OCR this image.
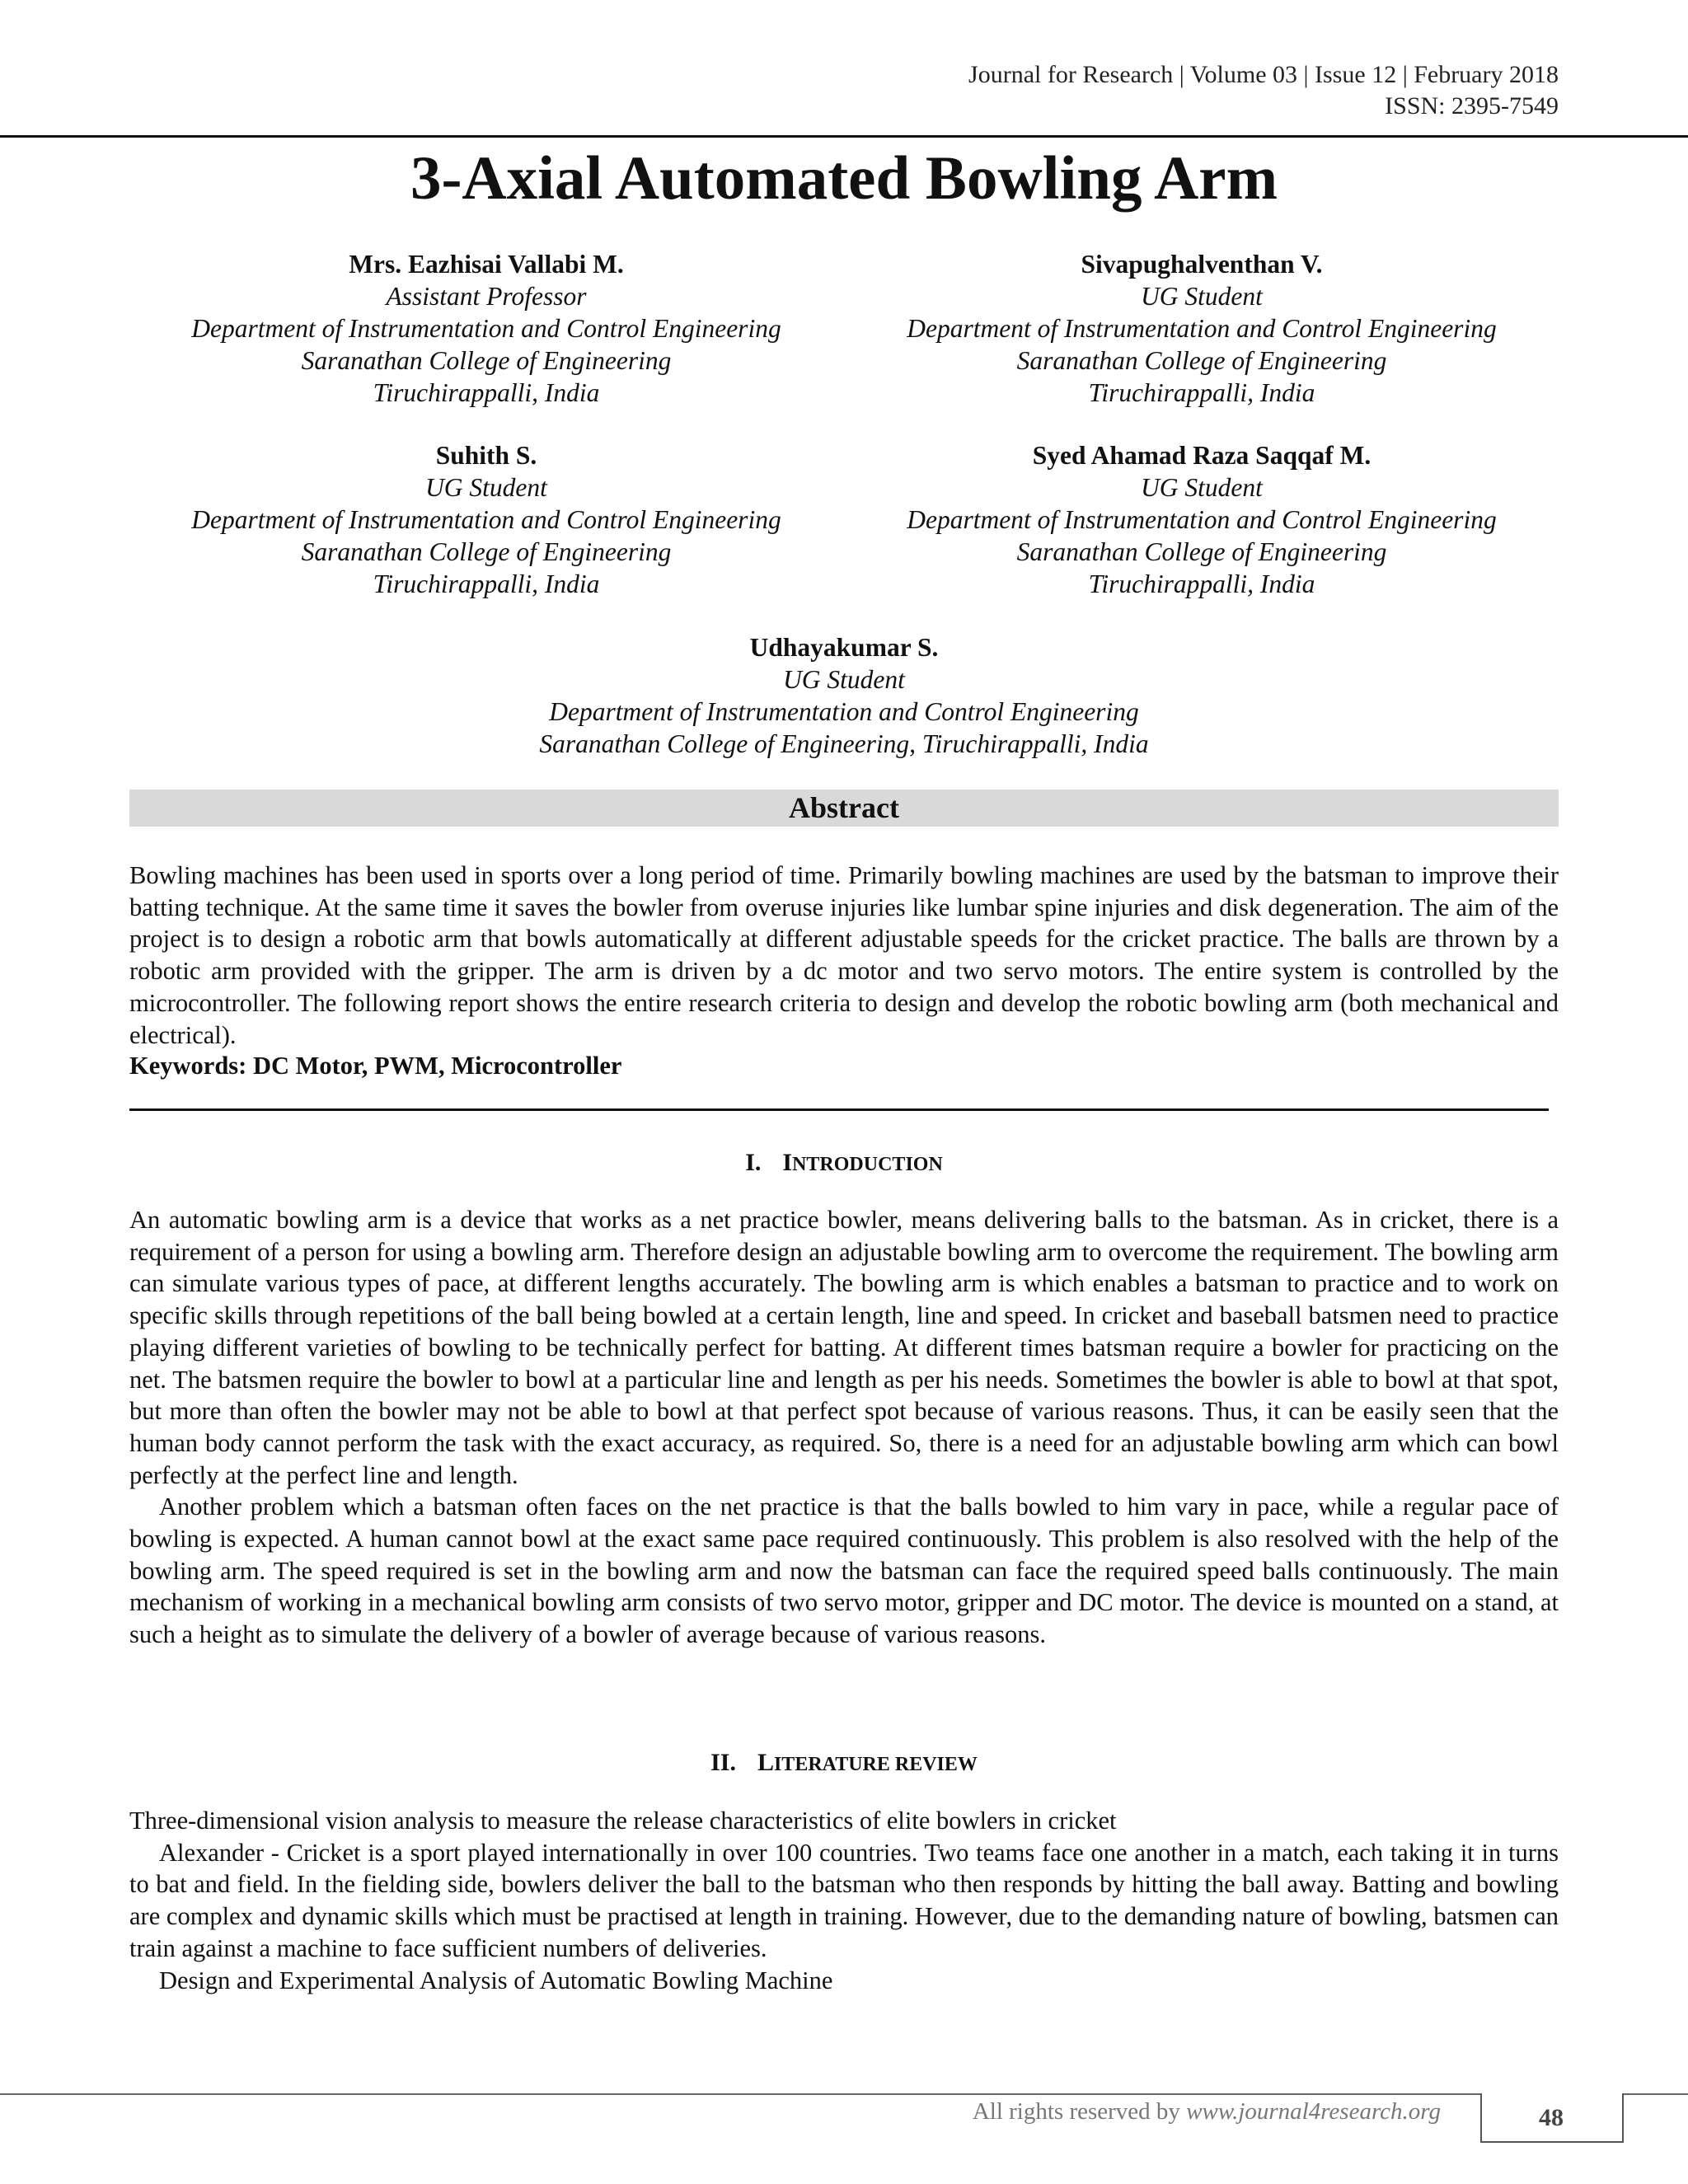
Journal for Research | Volume 03 | Issue 12 | February 2018
ISSN: 2395-7549
3-Axial Automated Bowling Arm
Mrs. Eazhisai Vallabi M.
Assistant Professor
Department of Instrumentation and Control Engineering
Saranathan College of Engineering
Tiruchirappalli, India
Sivapughalventhan V.
UG Student
Department of Instrumentation and Control Engineering
Saranathan College of Engineering
Tiruchirappalli, India
Suhith S.
UG Student
Department of Instrumentation and Control Engineering
Saranathan College of Engineering
Tiruchirappalli, India
Syed Ahamad Raza Saqqaf M.
UG Student
Department of Instrumentation and Control Engineering
Saranathan College of Engineering
Tiruchirappalli, India
Udhayakumar S.
UG Student
Department of Instrumentation and Control Engineering
Saranathan College of Engineering, Tiruchirappalli, India
Abstract

Bowling machines has been used in sports over a long period of time. Primarily bowling machines are used by the batsman to improve their batting technique. At the same time it saves the bowler from overuse injuries like lumbar spine injuries and disk degeneration. The aim of the project is to design a robotic arm that bowls automatically at different adjustable speeds for the cricket practice. The balls are thrown by a robotic arm provided with the gripper. The arm is driven by a dc motor and two servo motors. The entire system is controlled by the microcontroller. The following report shows the entire research criteria to design and develop the robotic bowling arm (both mechanical and electrical).

Keywords: DC Motor, PWM, Microcontroller
I. INTRODUCTION

An automatic bowling arm is a device that works as a net practice bowler, means delivering balls to the batsman. As in cricket, there is a requirement of a person for using a bowling arm. Therefore design an adjustable bowling arm to overcome the requirement. The bowling arm can simulate various types of pace, at different lengths accurately. The bowling arm is which enables a batsman to practice and to work on specific skills through repetitions of the ball being bowled at a certain length, line and speed. In cricket and baseball batsmen need to practice playing different varieties of bowling to be technically perfect for batting. At different times batsman require a bowler for practicing on the net. The batsmen require the bowler to bowl at a particular line and length as per his needs. Sometimes the bowler is able to bowl at that spot, but more than often the bowler may not be able to bowl at that perfect spot because of various reasons. Thus, it can be easily seen that the human body cannot perform the task with the exact accuracy, as required. So, there is a need for an adjustable bowling arm which can bowl perfectly at the perfect line and length.

Another problem which a batsman often faces on the net practice is that the balls bowled to him vary in pace, while a regular pace of bowling is expected. A human cannot bowl at the exact same pace required continuously. This problem is also resolved with the help of the bowling arm. The speed required is set in the bowling arm and now the batsman can face the required speed balls continuously. The main mechanism of working in a mechanical bowling arm consists of two servo motor, gripper and DC motor. The device is mounted on a stand, at such a height as to simulate the delivery of a bowler of average because of various reasons.

II. LITERATURE REVIEW

Three-dimensional vision analysis to measure the release characteristics of elite bowlers in cricket

Alexander - Cricket is a sport played internationally in over 100 countries. Two teams face one another in a match, each taking it in turns to bat and field. In the fielding side, bowlers deliver the ball to the batsman who then responds by hitting the ball away. Batting and bowling are complex and dynamic skills which must be practised at length in training. However, due to the demanding nature of bowling, batsmen can train against a machine to face sufficient numbers of deliveries.

Design and Experimental Analysis of Automatic Bowling Machine

48
All rights reserved by www.journal4research.org
